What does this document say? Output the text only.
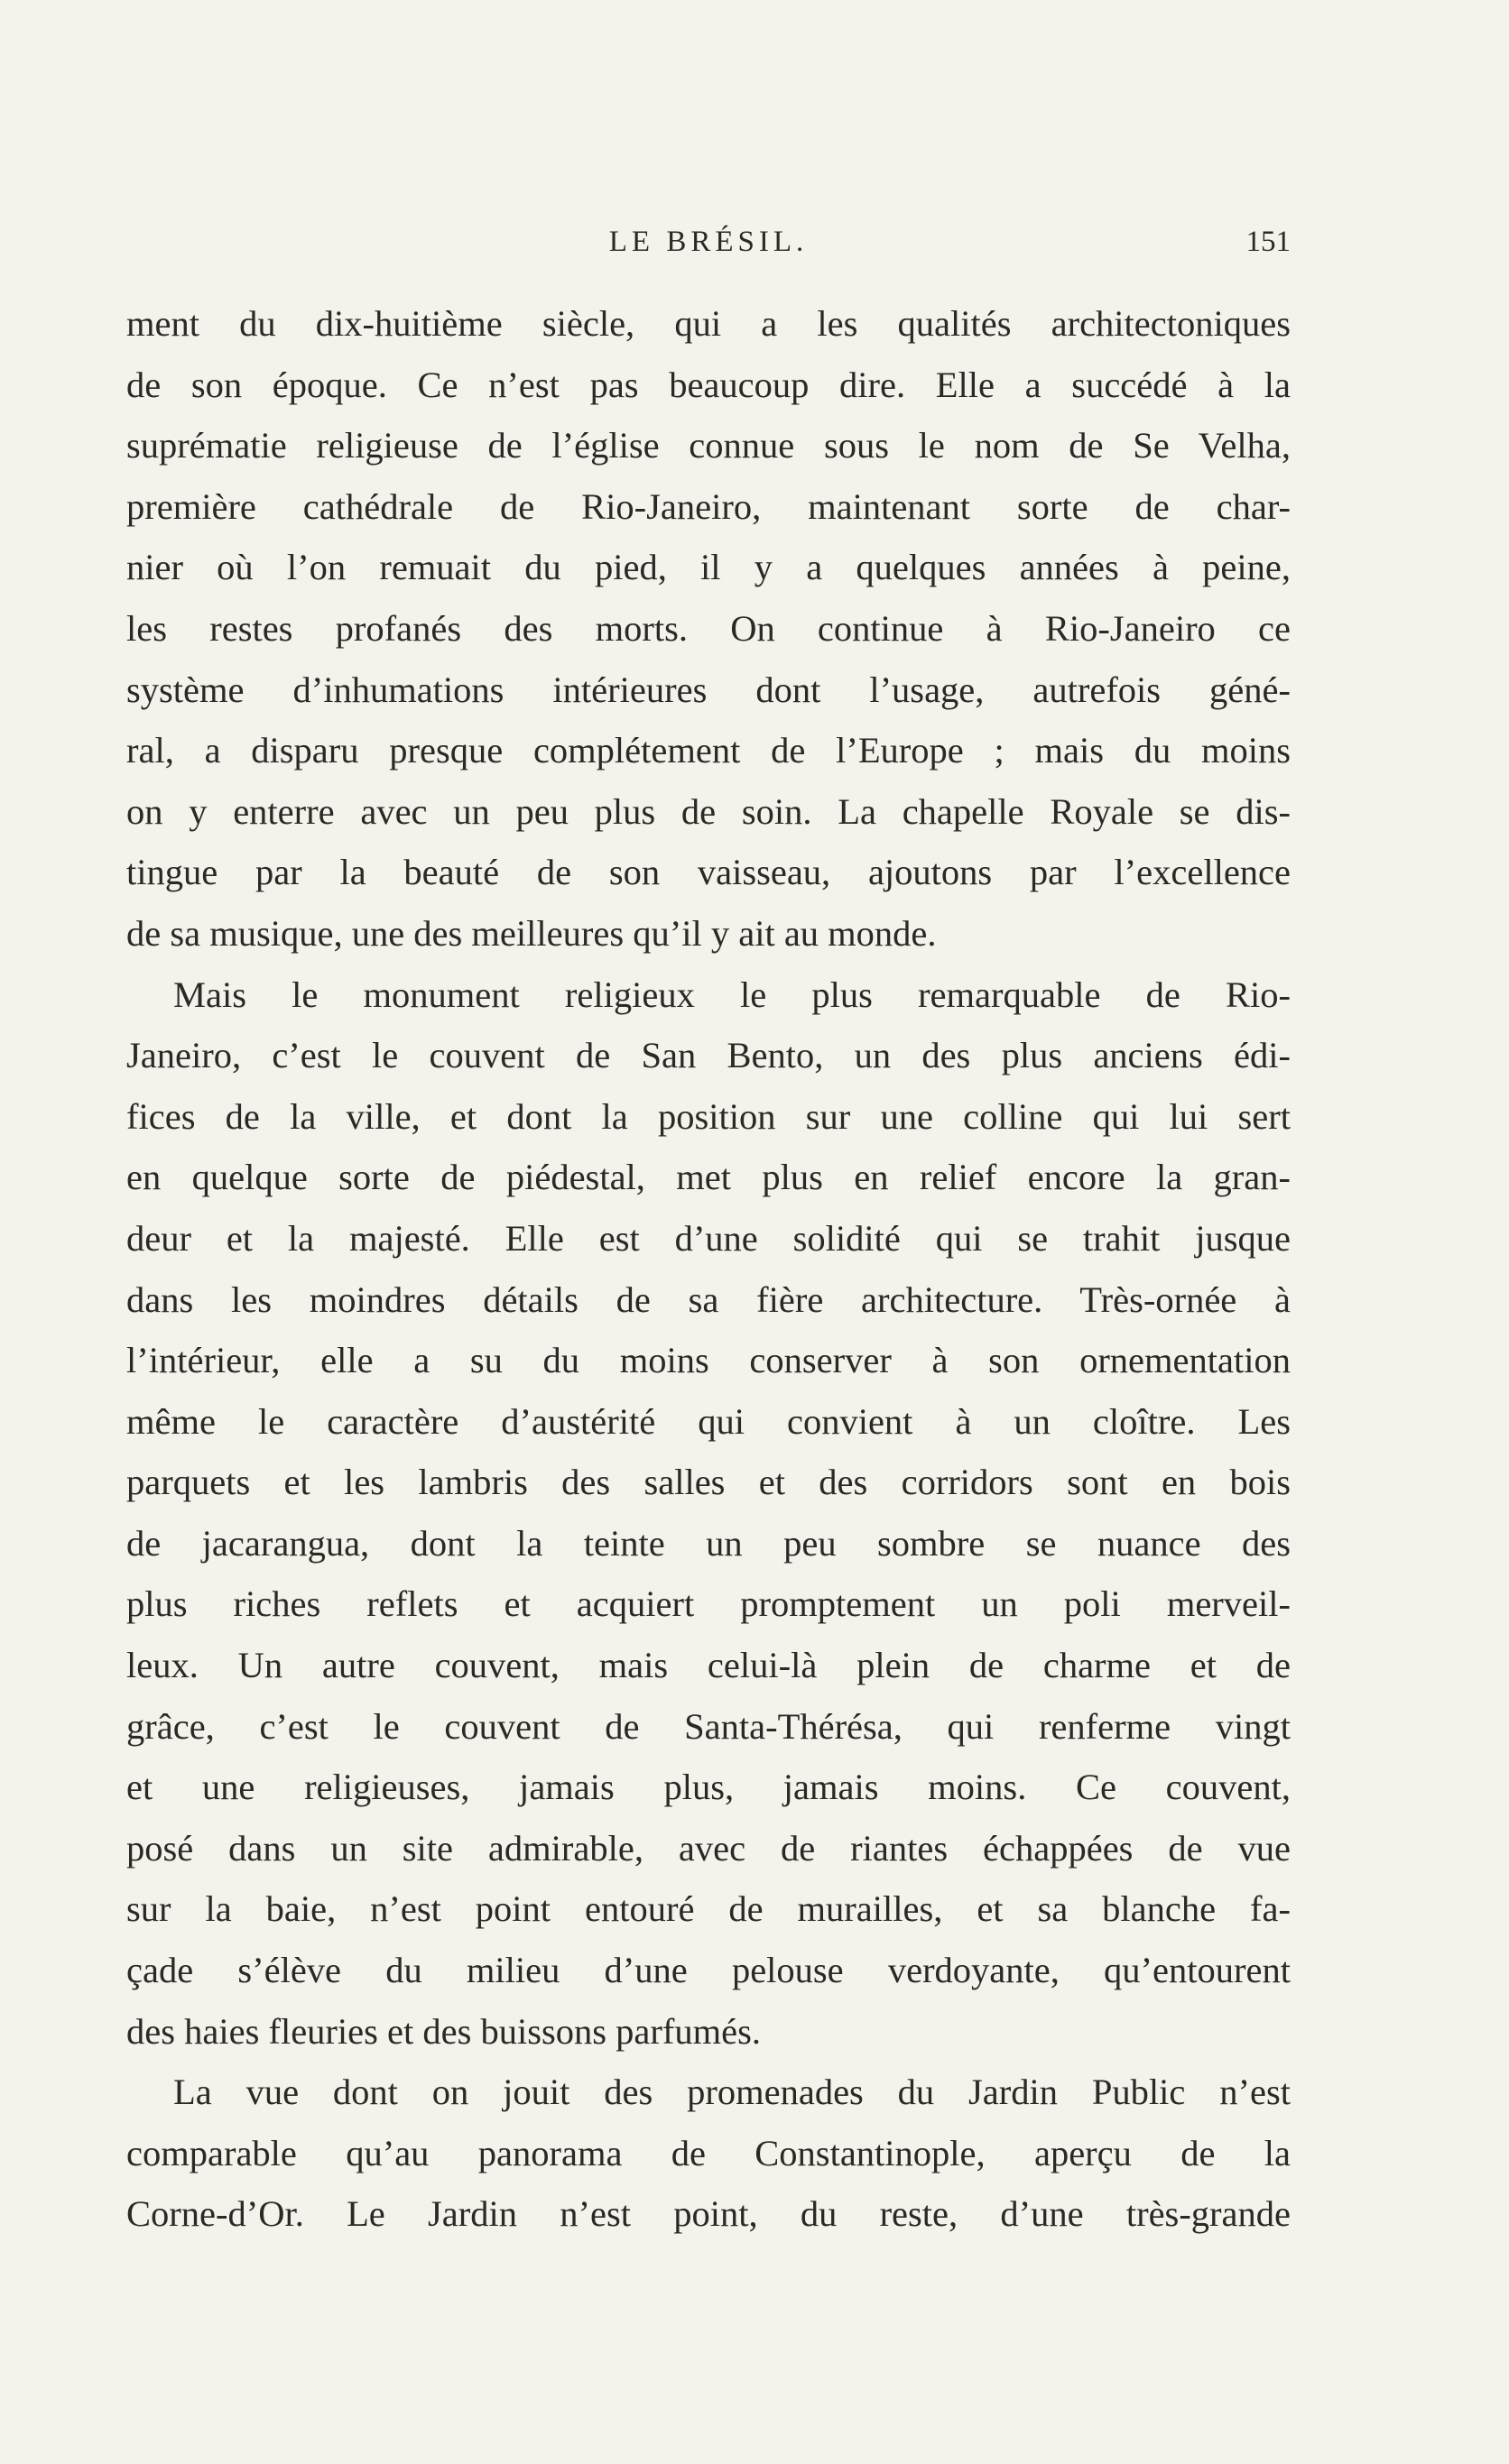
LE BRÉSIL.	151
ment du dix-huitième siècle, qui a les qualités architectoniques
de son époque. Ce n’est pas beaucoup dire. Elle a succédé à la
suprématie religieuse de l’église connue sous le nom de Se Velha,
première cathédrale de Rio-Janeiro, maintenant sorte de char-
nier où l’on remuait du pied, il y a quelques années à peine,
les restes profanés des morts. On continue à Rio-Janeiro ce
système d’inhumations intérieures dont l’usage, autrefois géné-
ral, a disparu presque complétement de l’Europe ; mais du moins
on y enterre avec un peu plus de soin. La chapelle Royale se dis-
tingue par la beauté de son vaisseau, ajoutons par l’excellence
de sa musique, une des meilleures qu’il y ait au monde.
Mais le monument religieux le plus remarquable de Rio-
Janeiro, c’est le couvent de San Bento, un des plus anciens édi-
fices de la ville, et dont la position sur une colline qui lui sert
en quelque sorte de piédestal, met plus en relief encore la gran-
deur et la majesté. Elle est d’une solidité qui se trahit jusque
dans les moindres détails de sa fière architecture. Très-ornée à
l’intérieur, elle a su du moins conserver à son ornementation
même le caractère d’austérité qui convient à un cloître. Les
parquets et les lambris des salles et des corridors sont en bois
de jacarangua, dont la teinte un peu sombre se nuance des
plus riches reflets et acquiert promptement un poli merveil-
leux. Un autre couvent, mais celui-là plein de charme et de
grâce, c’est le couvent de Santa-Thérésa, qui renferme vingt
et une religieuses, jamais plus, jamais moins. Ce couvent,
posé dans un site admirable, avec de riantes échappées de vue
sur la baie, n’est point entouré de murailles, et sa blanche fa-
çade s’élève du milieu d’une pelouse verdoyante, qu’entourent
des haies fleuries et des buissons parfumés.
La vue dont on jouit des promenades du Jardin Public n’est
comparable qu’au panorama de Constantinople, aperçu de la
Corne-d’Or. Le Jardin n’est point, du reste, d’une très-grande
